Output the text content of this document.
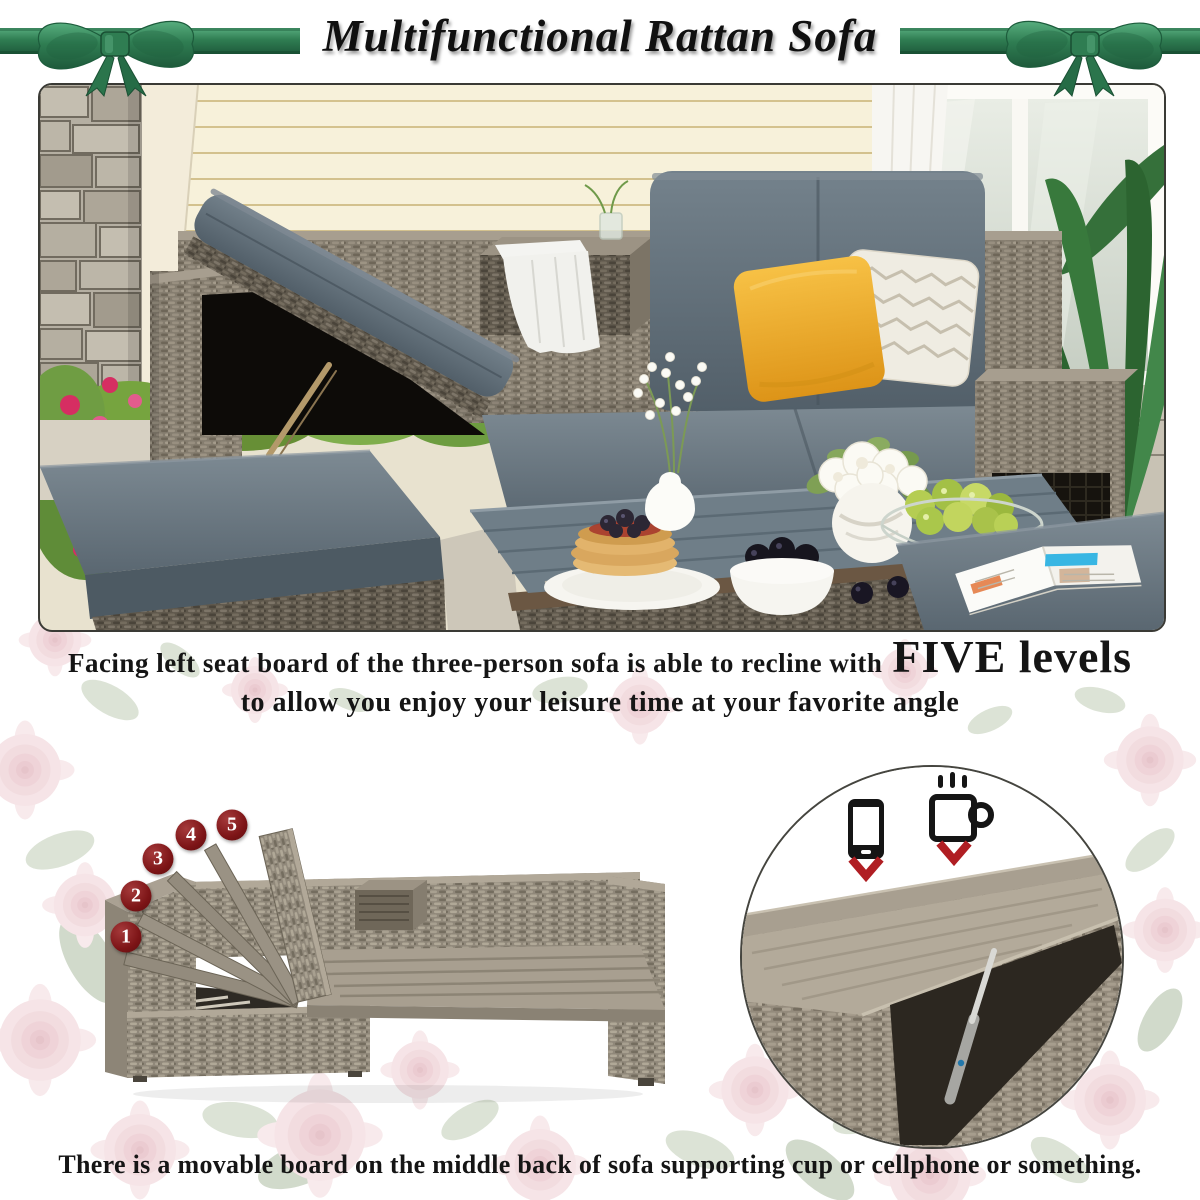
Multifunctional Rattan Sofa

Facing left seat board of the three-person sofa is able to recline with FIVE levels

to allow you enjoy your leisure time at your favorite angle

1
2
3
4	5

There is a movable board on the middle back of sofa supporting cup or cellphone or something.
